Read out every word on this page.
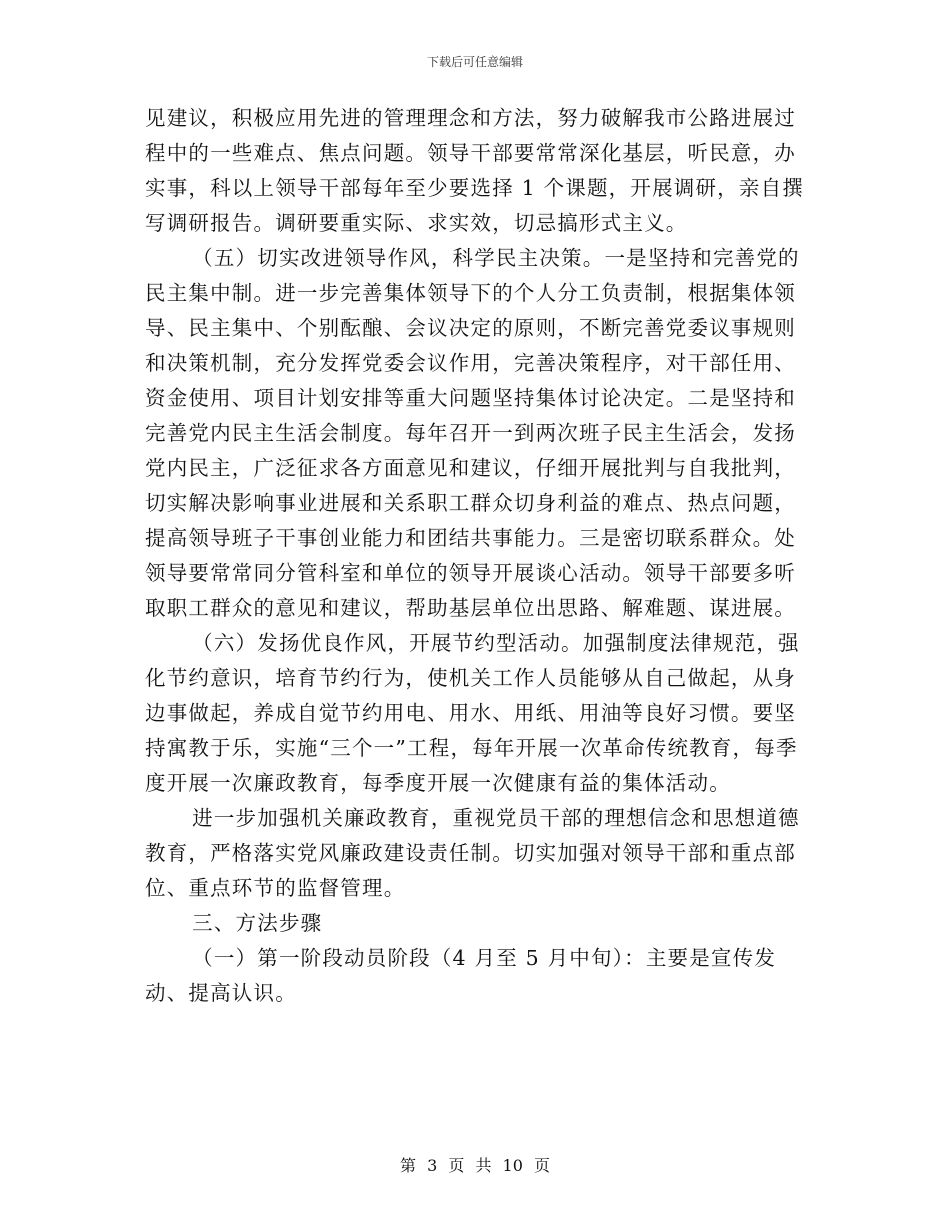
下载后可任意编辑

见建议，积极应用先进的管理理念和方法，努力破解我市公路进展过程中的一些难点、焦点问题。领导干部要常常深化基层，听民意，办实事，科以上领导干部每年至少要选择 1 个课题，开展调研，亲自撰写调研报告。调研要重实际、求实效，切忌搞形式主义。

（五）切实改进领导作风，科学民主决策。一是坚持和完善党的民主集中制。进一步完善集体领导下的个人分工负责制，根据集体领导、民主集中、个别酝酿、会议决定的原则，不断完善党委议事规则和决策机制，充分发挥党委会议作用，完善决策程序，对干部任用、资金使用、项目计划安排等重大问题坚持集体讨论决定。二是坚持和完善党内民主生活会制度。每年召开一到两次班子民主生活会，发扬党内民主，广泛征求各方面意见和建议，仔细开展批判与自我批判，切实解决影响事业进展和关系职工群众切身利益的难点、热点问题，提高领导班子干事创业能力和团结共事能力。三是密切联系群众。处领导要常常同分管科室和单位的领导开展谈心活动。领导干部要多听取职工群众的意见和建议，帮助基层单位出思路、解难题、谋进展。

（六）发扬优良作风，开展节约型活动。加强制度法律规范，强化节约意识，培育节约行为，使机关工作人员能够从自己做起，从身边事做起，养成自觉节约用电、用水、用纸、用油等良好习惯。要坚持寓教于乐，实施“三个一”工程，每年开展一次革命传统教育，每季度开展一次廉政教育，每季度开展一次健康有益的集体活动。

进一步加强机关廉政教育，重视党员干部的理想信念和思想道德教育，严格落实党风廉政建设责任制。切实加强对领导干部和重点部位、重点环节的监督管理。

三、方法步骤

（一）第一阶段动员阶段（4 月至 5 月中旬）：主要是宣传发动、提高认识。

第 3 页 共 10 页
